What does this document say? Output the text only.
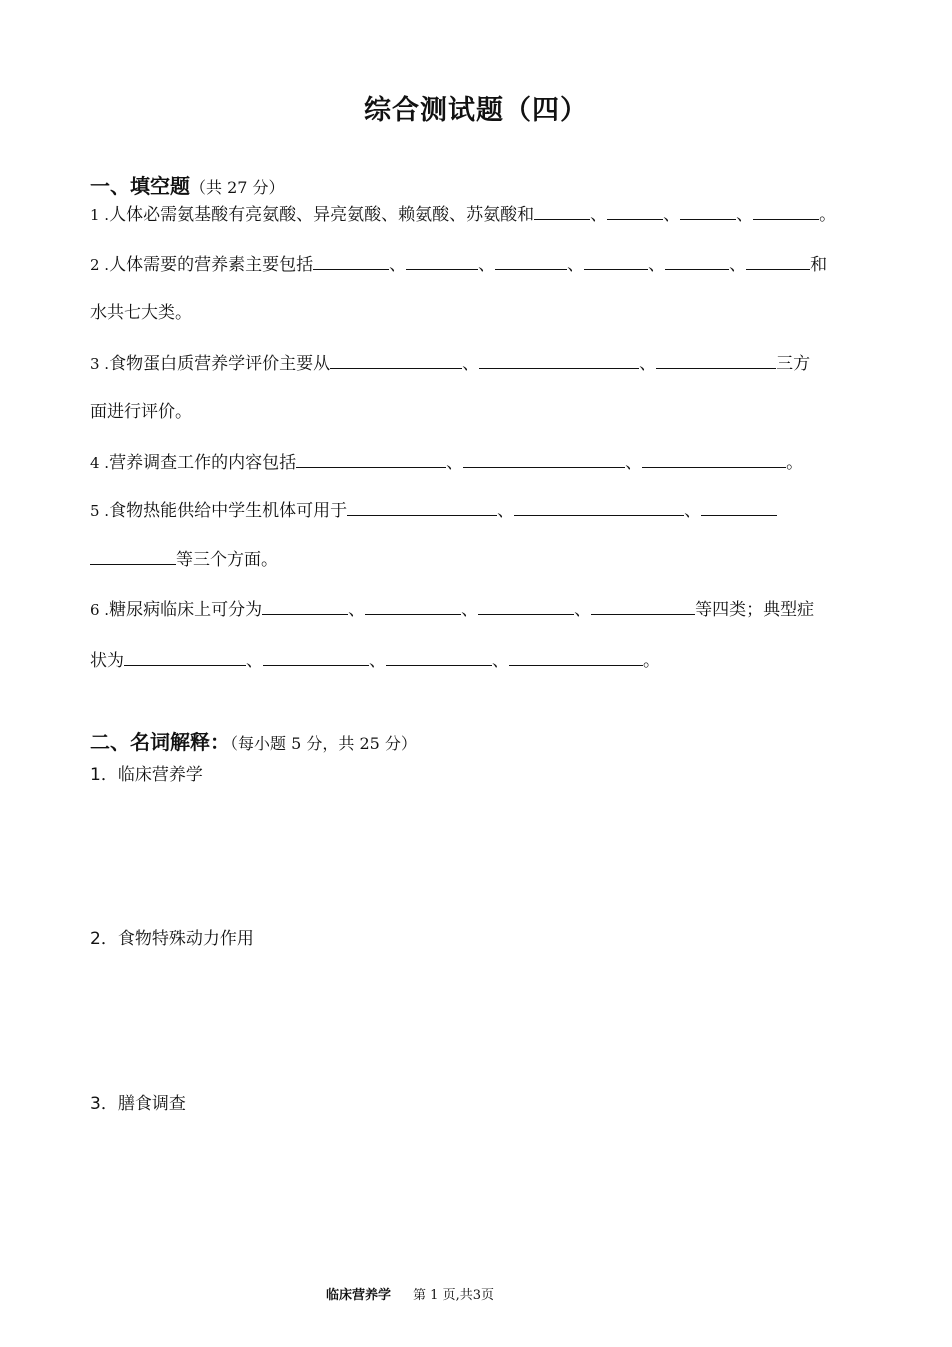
综合测试题（四）
一、填空题（共 27 分）
1 .人体必需氨基酸有亮氨酸、异亮氨酸、赖氨酸、苏氨酸和	、	、	、	。
2 .人体需要的营养素主要包括	、	、	、	、	、	和
水共七大类。
3 .食物蛋白质营养学评价主要从	、	、	三方
面进行评价。
4 .营养调查工作的内容包括	、	、	。
5 .食物热能供给中学生机体可用于	、	、
等三个方面。
6 .糖尿病临床上可分为	、	、	、	等四类；典型症
状为	、	、	、	。
二、名词解释：（每小题 5 分，共 25 分）
1．临床营养学
2．食物特殊动力作用
3．膳食调查
临床营养学 第 1 页,共3页
